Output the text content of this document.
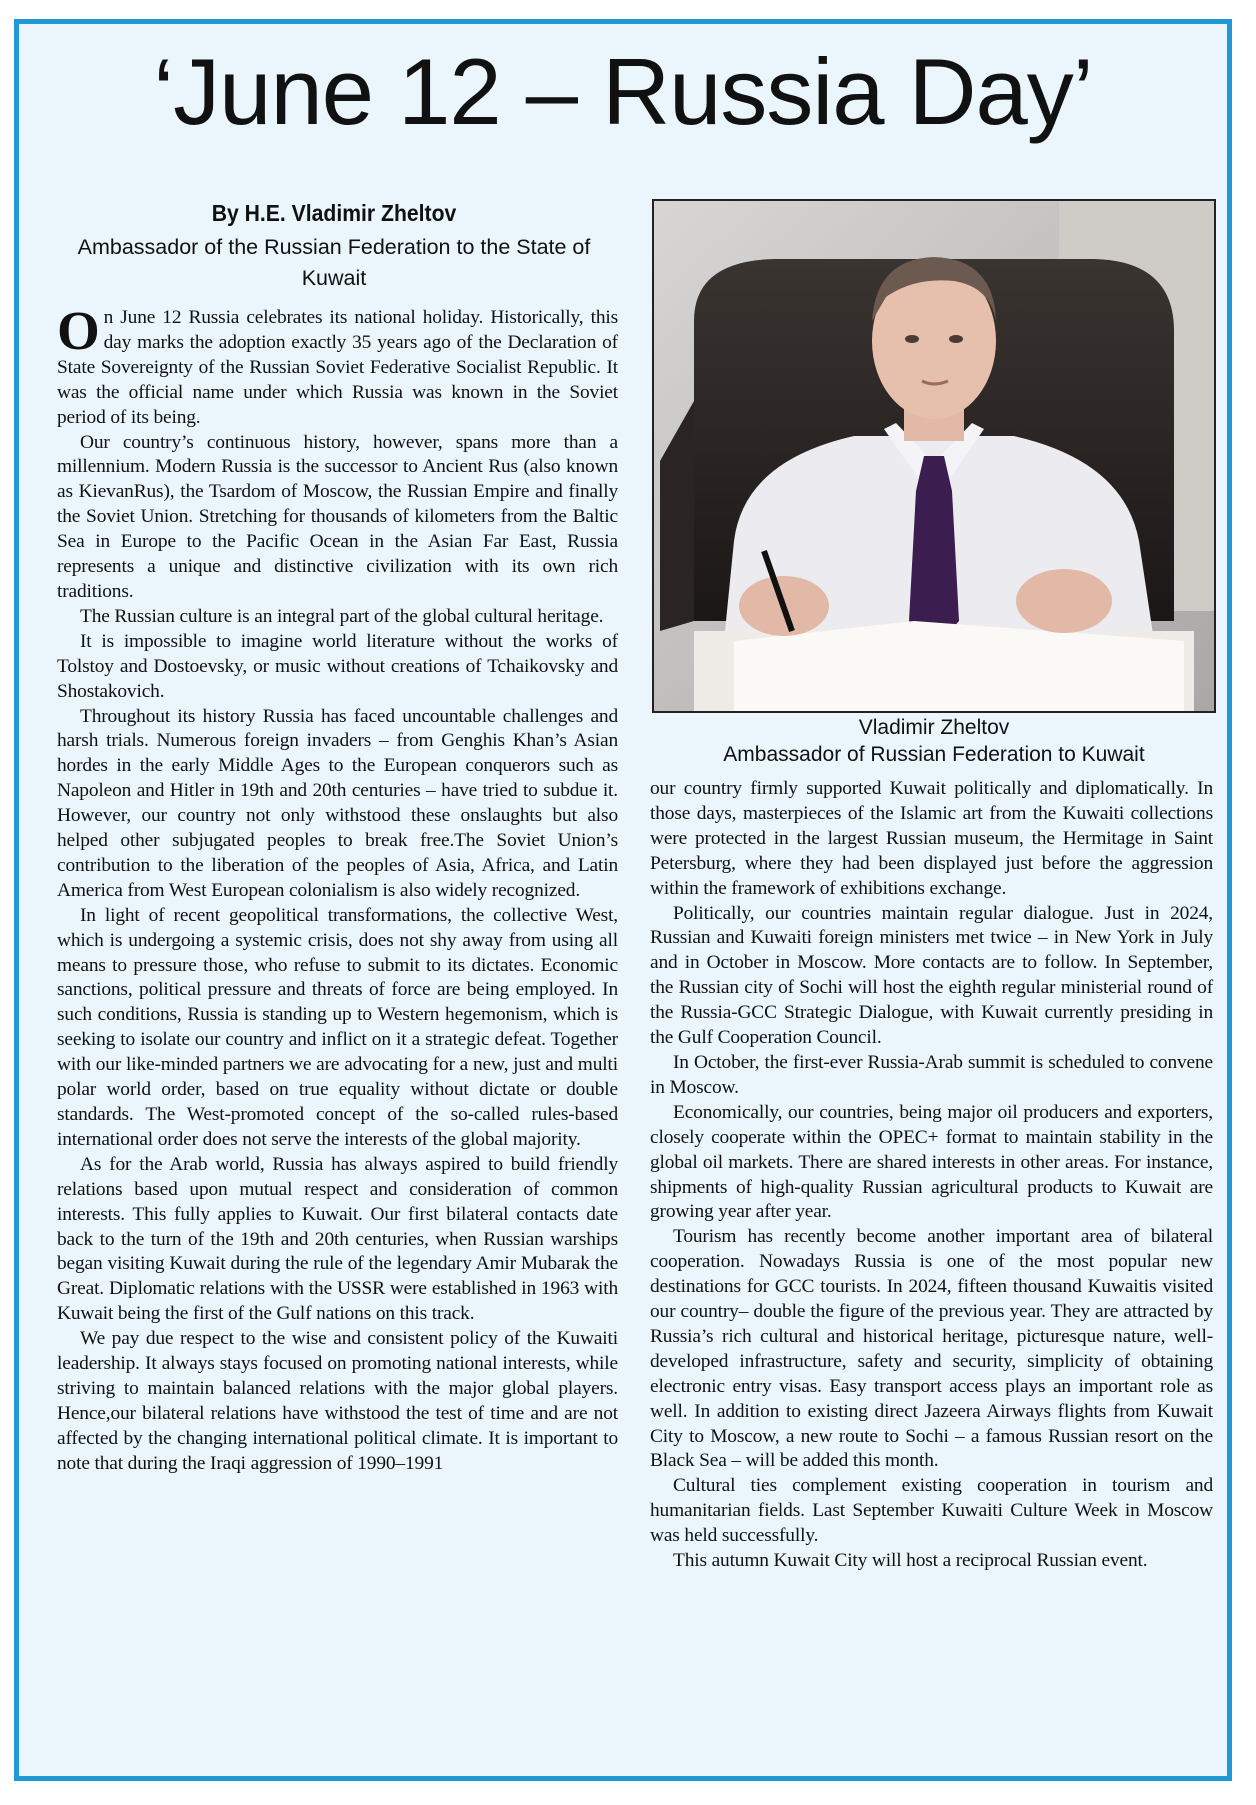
‘June 12 – Russia Day’
By H.E. Vladimir Zheltov
Ambassador of the Russian Federation to the State of Kuwait

On June 12 Russia celebrates its national holiday. Historically, this day marks the adoption exactly 35 years ago of the Declaration of State Sovereignty of the Russian Soviet Federative Socialist Republic. It was the official name under which Russia was known in the Soviet period of its being.

Our country’s continuous history, however, spans more than a millennium. Modern Russia is the successor to Ancient Rus (also known as KievanRus), the Tsardom of Moscow, the Russian Empire and finally the Soviet Union. Stretching for thousands of kilometers from the Baltic Sea in Europe to the Pacific Ocean in the Asian Far East, Russia represents a unique and distinctive civilization with its own rich traditions.

The Russian culture is an integral part of the global cultural heritage.

It is impossible to imagine world literature without the works of Tolstoy and Dostoevsky, or music without creations of Tchaikovsky and Shostakovich.

Throughout its history Russia has faced uncountable challenges and harsh trials. Numerous foreign invaders – from Genghis Khan’s Asian hordes in the early Middle Ages to the European conquerors such as Napoleon and Hitler in 19th and 20th centuries – have tried to subdue it. However, our country not only withstood these onslaughts but also helped other subjugated peoples to break free.The Soviet Union’s contribution to the liberation of the peoples of Asia, Africa, and Latin America from West European colonialism is also widely recognized.

In light of recent geopolitical transformations, the collective West, which is undergoing a systemic crisis, does not shy away from using all means to pressure those, who refuse to submit to its dictates. Economic sanctions, political pressure and threats of force are being employed. In such conditions, Russia is standing up to Western hegemonism, which is seeking to isolate our country and inflict on it a strategic defeat. Together with our like-minded partners we are advocating for a new, just and multi polar world order, based on true equality without dictate or double standards. The West-promoted concept of the so-called rules-based international order does not serve the interests of the global majority.

As for the Arab world, Russia has always aspired to build friendly relations based upon mutual respect and consideration of common interests. This fully applies to Kuwait. Our first bilateral contacts date back to the turn of the 19th and 20th centuries, when Russian warships began visiting Kuwait during the rule of the legendary Amir Mubarak the Great. Diplomatic relations with the USSR were established in 1963 with Kuwait being the first of the Gulf nations on this track.

We pay due respect to the wise and consistent policy of the Kuwaiti leadership. It always stays focused on promoting national interests, while striving to maintain balanced relations with the major global players. Hence,our bilateral relations have withstood the test of time and are not affected by the changing international political climate. It is important to note that during the Iraqi aggression of 1990–1991

Vladimir Zheltov
Ambassador of Russian Federation to Kuwait

our country firmly supported Kuwait politically and diplomatically. In those days, masterpieces of the Islamic art from the Kuwaiti collections were protected in the largest Russian museum, the Hermitage in Saint Petersburg, where they had been displayed just before the aggression within the framework of exhibitions exchange.

Politically, our countries maintain regular dialogue. Just in 2024, Russian and Kuwaiti foreign ministers met twice – in New York in July and in October in Moscow. More contacts are to follow. In September, the Russian city of Sochi will host the eighth regular ministerial round of the Russia-GCC Strategic Dialogue, with Kuwait currently presiding in the Gulf Cooperation Council.

In October, the first-ever Russia-Arab summit is scheduled to convene in Moscow.

Economically, our countries, being major oil producers and exporters, closely cooperate within the OPEC+ format to maintain stability in the global oil markets. There are shared interests in other areas. For instance, shipments of high-quality Russian agricultural products to Kuwait are growing year after year.

Tourism has recently become another important area of bilateral cooperation. Nowadays Russia is one of the most popular new destinations for GCC tourists. In 2024, fifteen thousand Kuwaitis visited our country– double the figure of the previous year. They are attracted by Russia’s rich cultural and historical heritage, picturesque nature, well-developed infrastructure, safety and security, simplicity of obtaining electronic entry visas. Easy transport access plays an important role as well. In addition to existing direct Jazeera Airways flights from Kuwait City to Moscow, a new route to Sochi – a famous Russian resort on the Black Sea – will be added this month.

Cultural ties complement existing cooperation in tourism and humanitarian fields. Last September Kuwaiti Culture Week in Moscow was held successfully.

This autumn Kuwait City will host a reciprocal Russian event.
